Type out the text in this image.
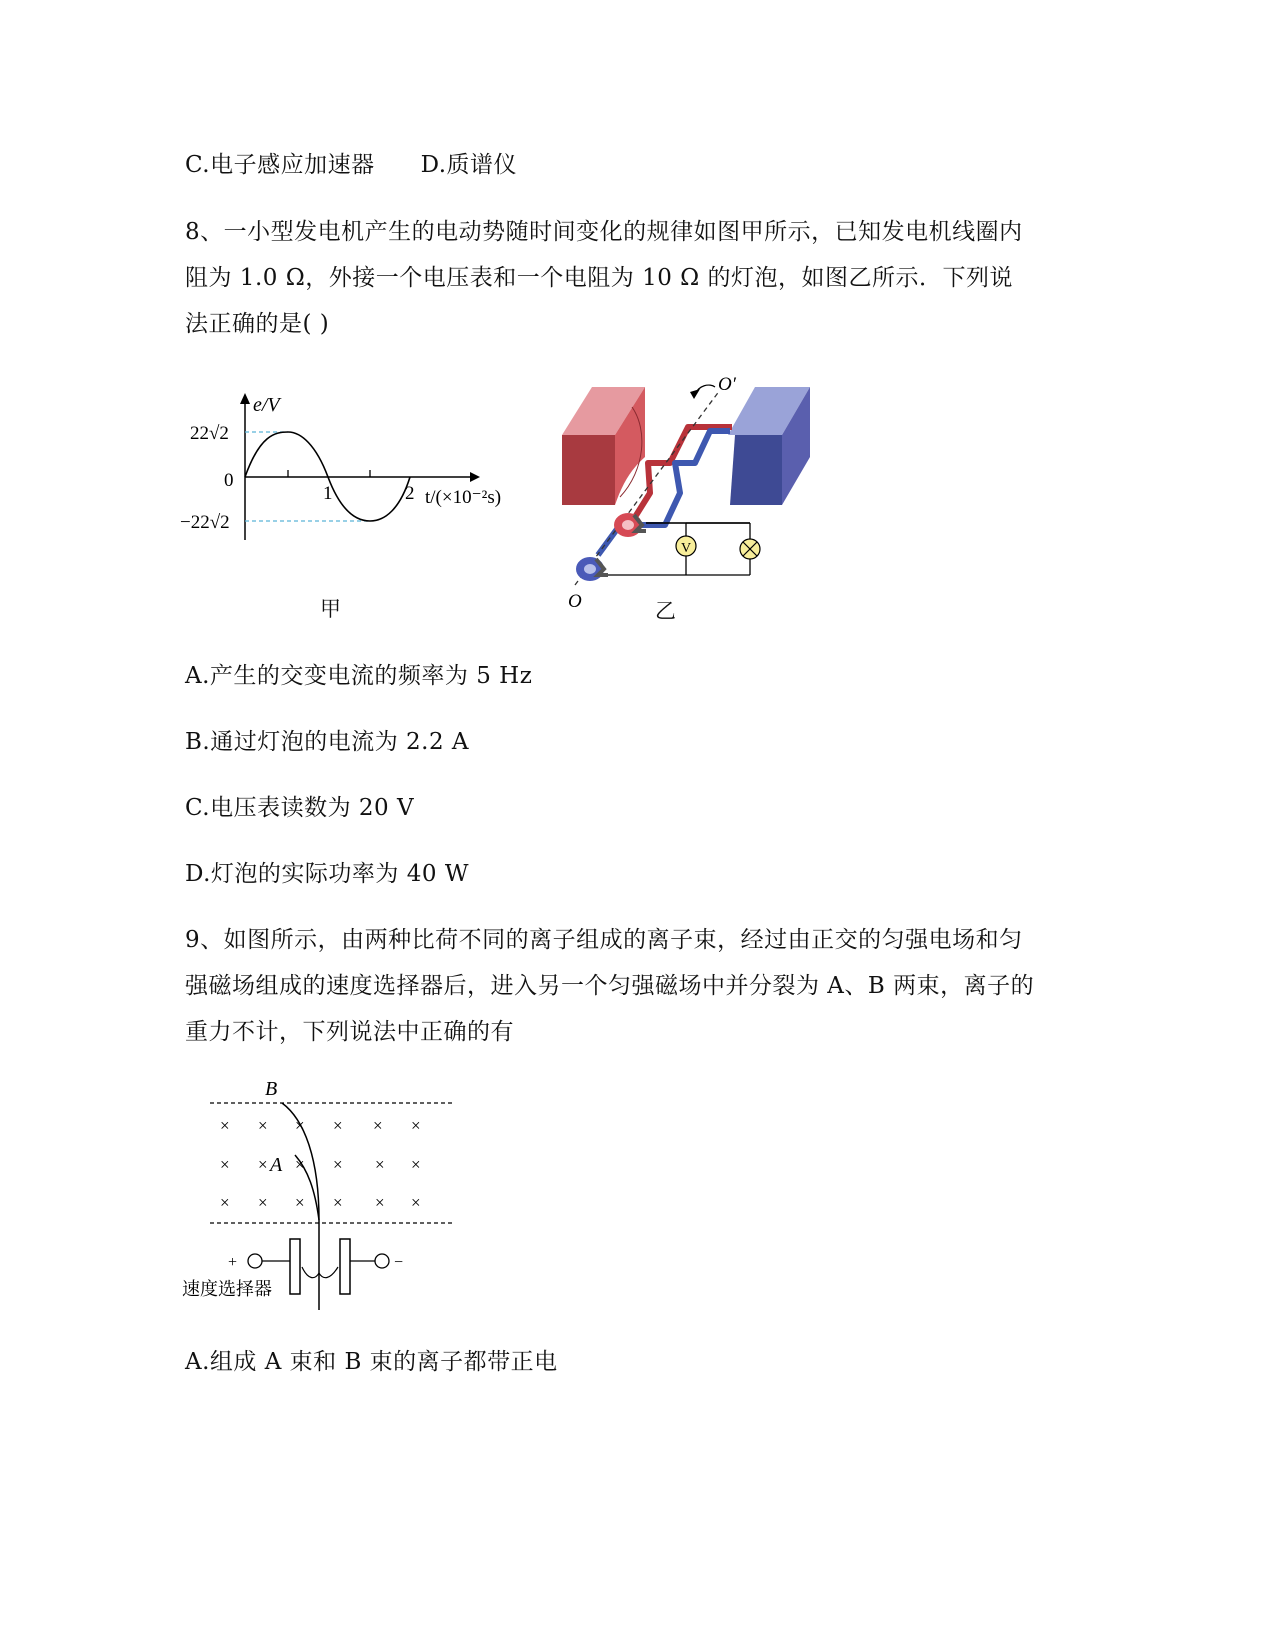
C.电子感应加速器 D.质谱仪
8、一小型发电机产生的电动势随时间变化的规律如图甲所示，已知发电机线圈内
阻为 1.0 Ω，外接一个电压表和一个电阻为 10 Ω 的灯泡，如图乙所示．下列说
法正确的是( )
e/V
22√2
0
−22√2
1	2 t/(×10⁻²s)
甲
V
O′
O	乙
A.产生的交变电流的频率为 5 Hz
B.通过灯泡的电流为 2.2 A
C.电压表读数为 20 V
D.灯泡的实际功率为 40 W
9、如图所示，由两种比荷不同的离子组成的离子束，经过由正交的匀强电场和匀
强磁场组成的速度选择器后，进入另一个匀强磁场中并分裂为 A、B 两束，离子的
重力不计，下列说法中正确的有
× × × × × ×
× × × × × ×
× × × × × ×
B
A
+	−
速度选择器
A.组成 A 束和 B 束的离子都带正电
